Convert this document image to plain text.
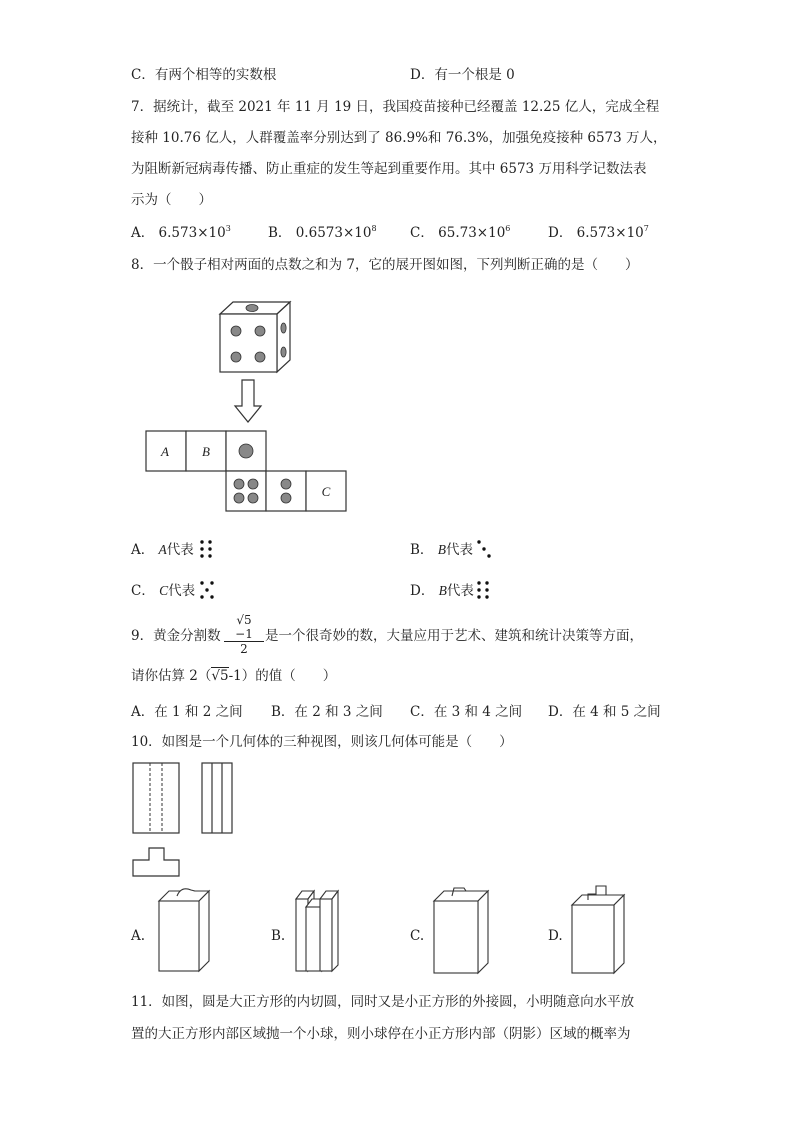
C．有两个相等的实数根	D．有一个根是 0
7．据统计，截至 2021 年 11 月 19 日，我国疫苗接种已经覆盖 12.25 亿人，完成全程
接种 10.76 亿人，人群覆盖率分别达到了 86.9%和 76.3%，加强免疫接种 6573 万人，
为阻断新冠病毒传播、防止重症的发生等起到重要作用。其中 6573 万用科学记数法表
示为（　　）
A． $6.573\times 10^3$	B． $0.6573\times 10^8$ C． $65.73\times 10^6$	D． $6.573\times 10^7$
8．一个骰子相对两面的点数之和为 7，它的展开图如图，下列判断正确的是（　　）
A	B
C
A． A代表	B． B代表
C． C代表	D． B代表
9．黄金分割数 $\frac{√5 -1}{2}$ 是一个很奇妙的数，大量应用于艺术、建筑和统计决策等方面，
请你估算 2（√5-1）的值（　　）
A．在 1 和 2 之间 B．在 2 和 3 之间 C．在 3 和 4 之间 D．在 4 和 5 之间
10．如图是一个几何体的三种视图，则该几何体可能是（　　）
A.	B.	C.	D.
11．如图，圆是大正方形的内切圆，同时又是小正方形的外接圆，小明随意向水平放
置的大正方形内部区域抛一个小球，则小球停在小正方形内部（阴影）区域的概率为
